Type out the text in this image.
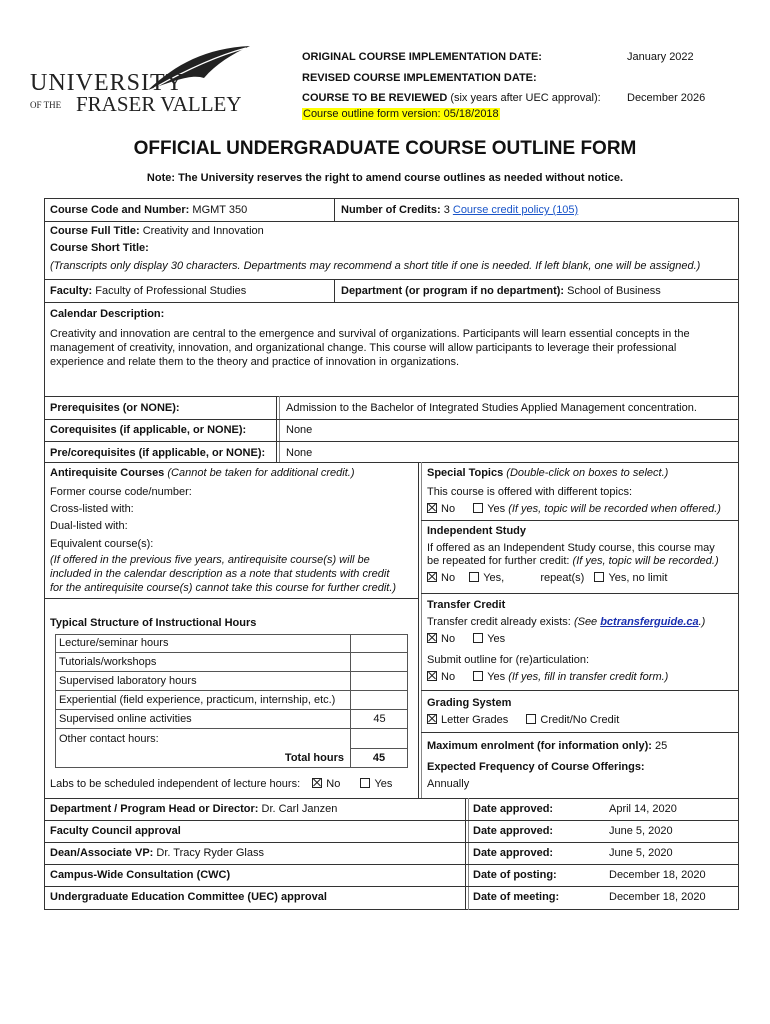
UNIVERSITY
OF THE FRASER VALLEY
ORIGINAL COURSE IMPLEMENTATION DATE:	January 2022
REVISED COURSE IMPLEMENTATION DATE:
COURSE TO BE REVIEWED (six years after UEC approval): December 2026
Course outline form version: 05/18/2018
OFFICIAL UNDERGRADUATE COURSE OUTLINE FORM
Note: The University reserves the right to amend course outlines as needed without notice.
Course Code and Number: MGMT 350	Number of Credits: 3 Course credit policy (105)
Course Full Title: Creativity and Innovation
Course Short Title:
(Transcripts only display 30 characters. Departments may recommend a short title if one is needed. If left blank, one will be assigned.)
Faculty: Faculty of Professional Studies	Department (or program if no department): School of Business
Calendar Description:
Creativity and innovation are central to the emergence and survival of organizations. Participants will learn essential concepts in the
management of creativity, innovation, and organizational change. This course will allow participants to leverage their professional
experience and relate them to the theory and practice of innovation in organizations.
Prerequisites (or NONE):	Admission to the Bachelor of Integrated Studies Applied Management concentration.
Corequisites (if applicable, or NONE):	None
Pre/corequisites (if applicable, or NONE): None
Antirequisite Courses (Cannot be taken for additional credit.)
Former course code/number:
Cross-listed with:
Dual-listed with:
Equivalent course(s):
(If offered in the previous five years, antirequisite course(s) will be
included in the calendar description as a note that students with credit
for the antirequisite course(s) cannot take this course for further credit.)
Special Topics (Double-click on boxes to select.)
This course is offered with different topics:
No	Yes (If yes, topic will be recorded when offered.)
Independent Study
If offered as an Independent Study course, this course may
be repeated for further credit: (If yes, topic will be recorded.)
No	Yes,	repeat(s) Yes, no limit
Transfer Credit
Transfer credit already exists: (See bctransferguide.ca.)
No	Yes
Submit outline for (re)articulation:
No	Yes (If yes, fill in transfer credit form.)
Grading System
Letter Grades	Credit/No Credit
Maximum enrolment (for information only): 25
Expected Frequency of Course Offerings:
Annually
Typical Structure of Instructional Hours
Lecture/seminar hours
Tutorials/workshops
Supervised laboratory hours
Experiential (field experience, practicum, internship, etc.)
Supervised online activities	45
Other contact hours:
Total hours	45
Labs to be scheduled independent of lecture hours: No	Yes
Department / Program Head or Director: Dr. Carl Janzen	Date approved:	April 14, 2020
Faculty Council approval	Date approved:	June 5, 2020
Dean/Associate VP: Dr. Tracy Ryder Glass	Date approved:	June 5, 2020
Campus-Wide Consultation (CWC)	Date of posting:	December 18, 2020
Undergraduate Education Committee (UEC) approval	Date of meeting:	December 18, 2020
